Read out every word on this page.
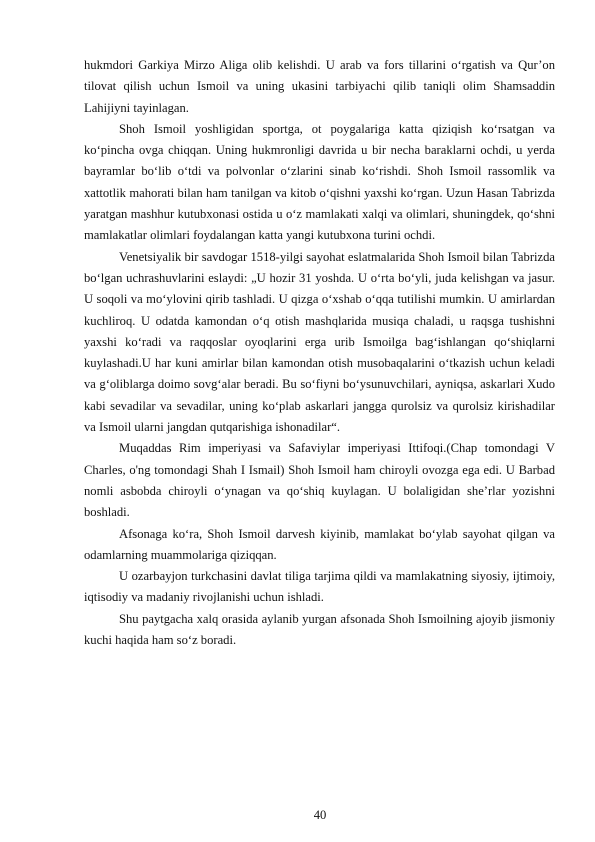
hukmdori Garkiya Mirzo Aliga olib kelishdi. U arab va fors tillarini o‘rgatish va Qur’on tilovat qilish uchun Ismoil va uning ukasini tarbiyachi qilib taniqli olim Shamsaddin Lahijiyni tayinlagan.

Shoh Ismoil yoshligidan sportga, ot poygalariga katta qiziqish ko‘rsatgan va ko‘pincha ovga chiqqan. Uning hukmronligi davrida u bir necha baraklarni ochdi, u yerda bayramlar bo‘lib o‘tdi va polvonlar o‘zlarini sinab ko‘rishdi. Shoh Ismoil rassomlik va xattotlik mahorati bilan ham tanilgan va kitob o‘qishni yaxshi ko‘rgan. Uzun Hasan Tabrizda yaratgan mashhur kutubxonasi ostida u o‘z mamlakati xalqi va olimlari, shuningdek, qo‘shni mamlakatlar olimlari foydalangan katta yangi kutubxona turini ochdi.

Venetsiyalik bir savdogar 1518-yilgi sayohat eslatmalarida Shoh Ismoil bilan Tabrizda bo‘lgan uchrashuvlarini eslaydi: „U hozir 31 yoshda. U o‘rta bo‘yli, juda kelishgan va jasur. U soqoli va mo‘ylovini qirib tashladi. U qizga o‘xshab o‘qqa tutilishi mumkin. U amirlardan kuchliroq. U odatda kamondan o‘q otish mashqlarida musiqa chaladi, u raqsga tushishni yaxshi ko‘radi va raqqoslar oyoqlarini erga urib Ismoilga bag‘ishlangan qo‘shiqlarni kuylashadi.U har kuni amirlar bilan kamondan otish musobaqalarini o‘tkazish uchun keladi va g‘oliblarga doimo sovg‘alar beradi. Bu so‘fiyni bo‘ysunuvchilari, ayniqsa, askarlari Xudo kabi sevadilar va sevadilar, uning ko‘plab askarlari jangga qurolsiz va qurolsiz kirishadilar va Ismoil ularni jangdan qutqarishiga ishonadilar“.

Muqaddas Rim imperiyasi va Safaviylar imperiyasi Ittifoqi.(Chap tomondagi V Charles, o'ng tomondagi Shah I Ismail) Shoh Ismoil ham chiroyli ovozga ega edi. U Barbad nomli asbobda chiroyli o‘ynagan va qo‘shiq kuylagan. U bolaligidan she’rlar yozishni boshladi.

Afsonaga ko‘ra, Shoh Ismoil darvesh kiyinib, mamlakat bo‘ylab sayohat qilgan va odamlarning muammolariga qiziqqan.

U ozarbayjon turkchasini davlat tiliga tarjima qildi va mamlakatning siyosiy, ijtimoiy, iqtisodiy va madaniy rivojlanishi uchun ishladi.

Shu paytgacha xalq orasida aylanib yurgan afsonada Shoh Ismoilning ajoyib jismoniy kuchi haqida ham so‘z boradi.

40
